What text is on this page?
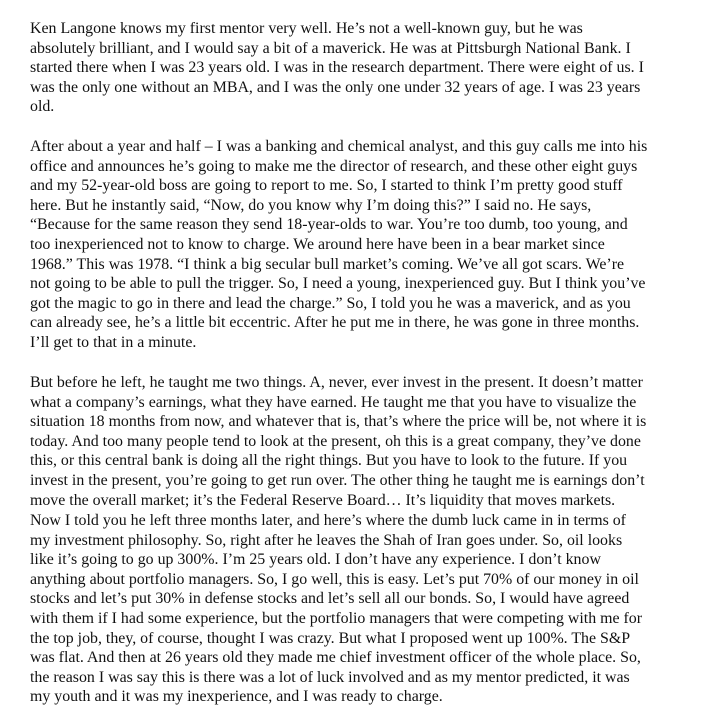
Ken Langone knows my first mentor very well. He’s not a well-known guy, but he was
absolutely brilliant, and I would say a bit of a maverick. He was at Pittsburgh National Bank. I
started there when I was 23 years old. I was in the research department. There were eight of us. I
was the only one without an MBA, and I was the only one under 32 years of age. I was 23 years
old.

After about a year and half – I was a banking and chemical analyst, and this guy calls me into his
office and announces he’s going to make me the director of research, and these other eight guys
and my 52-year-old boss are going to report to me. So, I started to think I’m pretty good stuff
here. But he instantly said, “Now, do you know why I’m doing this?” I said no. He says,
“Because for the same reason they send 18-year-olds to war. You’re too dumb, too young, and
too inexperienced not to know to charge. We around here have been in a bear market since
1968.” This was 1978. “I think a big secular bull market’s coming. We’ve all got scars. We’re
not going to be able to pull the trigger. So, I need a young, inexperienced guy. But I think you’ve
got the magic to go in there and lead the charge.” So, I told you he was a maverick, and as you
can already see, he’s a little bit eccentric. After he put me in there, he was gone in three months.
I’ll get to that in a minute.

But before he left, he taught me two things. A, never, ever invest in the present. It doesn’t matter
what a company’s earnings, what they have earned. He taught me that you have to visualize the
situation 18 months from now, and whatever that is, that’s where the price will be, not where it is
today. And too many people tend to look at the present, oh this is a great company, they’ve done
this, or this central bank is doing all the right things. But you have to look to the future. If you
invest in the present, you’re going to get run over. The other thing he taught me is earnings don’t
move the overall market; it’s the Federal Reserve Board… It’s liquidity that moves markets.

Now I told you he left three months later, and here’s where the dumb luck came in in terms of
my investment philosophy. So, right after he leaves the Shah of Iran goes under. So, oil looks
like it’s going to go up 300%. I’m 25 years old. I don’t have any experience. I don’t know
anything about portfolio managers. So, I go well, this is easy. Let’s put 70% of our money in oil
stocks and let’s put 30% in defense stocks and let’s sell all our bonds. So, I would have agreed
with them if I had some experience, but the portfolio managers that were competing with me for
the top job, they, of course, thought I was crazy. But what I proposed went up 100%. The S&P
was flat. And then at 26 years old they made me chief investment officer of the whole place. So,
the reason I was say this is there was a lot of luck involved and as my mentor predicted, it was
my youth and it was my inexperience, and I was ready to charge.
